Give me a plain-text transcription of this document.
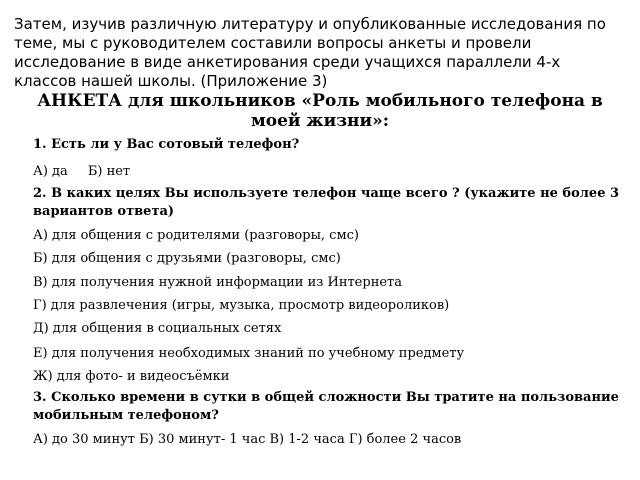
Затем, изучив различную литературу и опубликованные исследования по теме, мы с руководителем составили вопросы анкеты и провели исследование в виде анкетирования среди учащихся параллели 4-х классов нашей школы. (Приложение 3)

АНКЕТА для школьников «Роль мобильного телефона в моей жизни»:
1. Есть ли у Вас сотовый телефон?
А) да Б) нет
2. В каких целях Вы используете телефон чаще всего ? (укажите не более 3 вариантов ответа)
А) для общения с родителями (разговоры, смс)
Б) для общения с друзьями (разговоры, смс)
В) для получения нужной информации из Интернета
Г) для развлечения (игры, музыка, просмотр видеороликов)
Д) для общения в социальных сетях
Е) для получения необходимых знаний по учебному предмету
Ж) для фото- и видеосъёмки
3. Сколько времени в сутки в общей сложности Вы тратите на пользование мобильным телефоном?
А) до 30 минут Б) 30 минут- 1 час В) 1-2 часа Г) более 2 часов
